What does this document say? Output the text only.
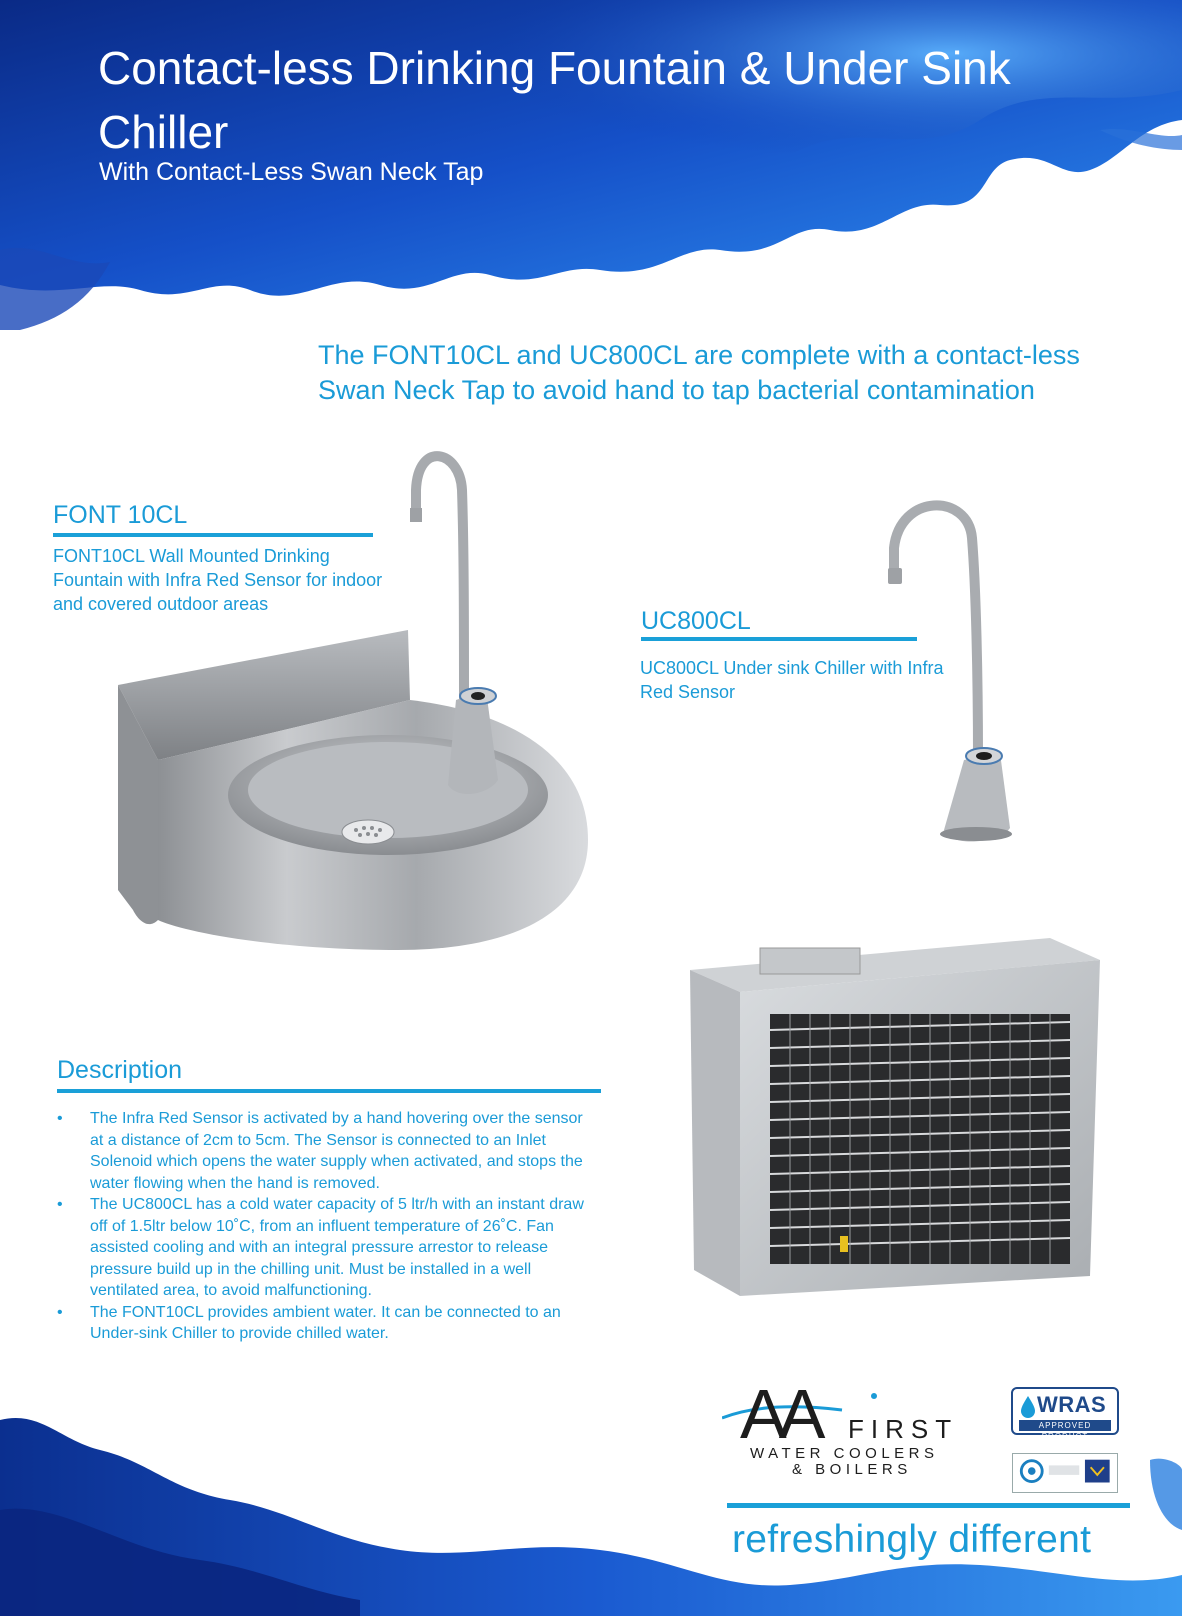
Contact-less Drinking Fountain & Under Sink Chiller

With Contact-Less Swan Neck Tap

The FONT10CL and UC800CL are complete with a contact-less Swan Neck Tap to avoid hand to tap bacterial contamination

FONT 10CL

FONT10CL Wall Mounted Drinking Fountain with Infra Red Sensor for indoor and covered outdoor areas

UC800CL

UC800CL Under sink Chiller with Infra Red Sensor

Description
• The Infra Red Sensor is activated by a hand hovering over the sensor at a distance of 2cm to 5cm. The Sensor is connected to an Inlet Solenoid which opens the water supply when activated, and stops the water flowing when the hand is removed.
• The UC800CL has a cold water capacity of 5 ltr/h with an instant draw off of 1.5ltr below 10˚C, from an influent temperature of 26˚C. Fan assisted cooling and with an integral pressure arrestor to release pressure build up in the chilling unit. Must be installed in a well ventilated area, to avoid malfunctioning.
• The FONT10CL provides ambient water. It can be connected to an Under-sink Chiller to provide chilled water.
AA	FIRST
WATER COOLERS
& BOILERS
WRAS
APPROVED PRODUCT

refreshingly different
